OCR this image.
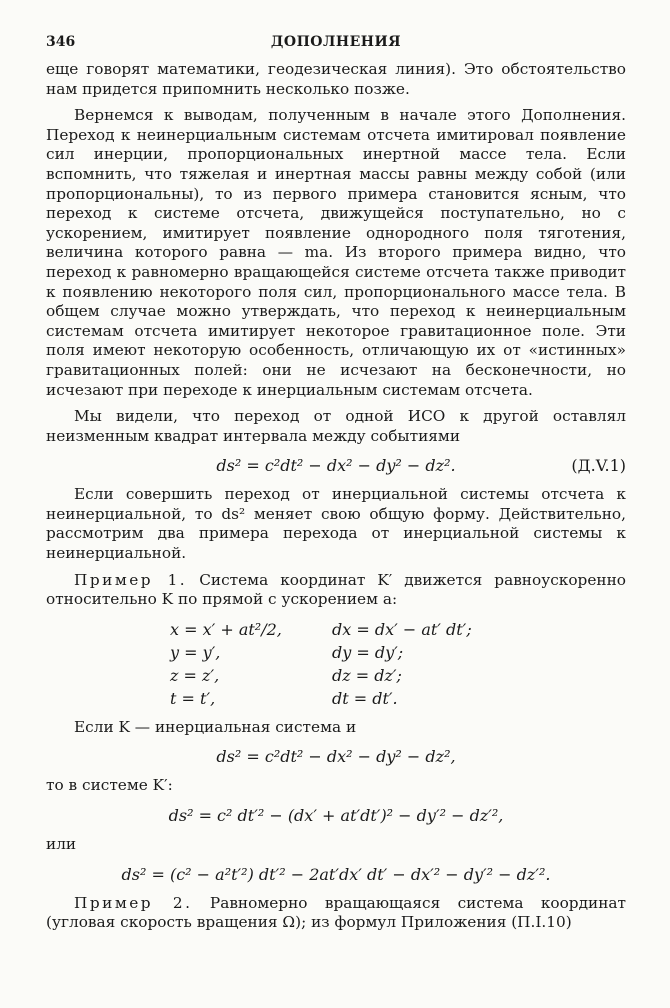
346	ДОПОЛНЕНИЯ

еще говорят математики, геодезическая линия). Это обстоятельство нам придется припомнить несколько позже.

Вернемся к выводам, полученным в начале этого Дополнения. Переход к неинерциальным системам отсчета имитировал появление сил инерции, пропорциональных инертной массе тела. Если вспомнить, что тяжелая и инертная массы равны между собой (или пропорциональны), то из первого примера становится ясным, что переход к системе отсчета, движущейся поступательно, но с ускорением, имитирует появление однородного поля тяготения, величина которого равна — ma. Из второго примера видно, что переход к равномерно вращающейся системе отсчета также приводит к появлению некоторого поля сил, пропорционального массе тела. В общем случае можно утверждать, что переход к неинерциальным системам отсчета имитирует некоторое гравитационное поле. Эти поля имеют некоторую особенность, отличающую их от «истинных» гравитационных полей: они не исчезают на бесконечности, но исчезают при переходе к инерциальным системам отсчета.

Мы видели, что переход от одной ИСО к другой оставлял неизменным квадрат интервала между событиями

ds² = c²dt² − dx² − dy² − dz².	(Д.V.1)

Если совершить переход от инерциальной системы отсчета к неинерциальной, то ds² меняет свою общую форму. Действительно, рассмотрим два примера перехода от инерциальной системы к неинерциальной.

Пример 1. Система координат K′ движется равноускоренно относительно K по прямой с ускорением a:

x = x′ + at²/2,	dx = dx′ − at′ dt′;
y = y′,	dy = dy′;
z = z′,	dz = dz′;
t = t′,	dt = dt′.

Если K — инерциальная система и

ds² = c²dt² − dx² − dy² − dz²,

то в системе K′:

ds² = c² dt′² − (dx′ + at′dt′)² − dy′² − dz′²,

или

ds² = (c² − a²t′²) dt′² − 2at′dx′ dt′ − dx′² − dy′² − dz′².

Пример 2. Равномерно вращающаяся система координат (угловая скорость вращения Ω); из формул Приложения (П.I.10)
